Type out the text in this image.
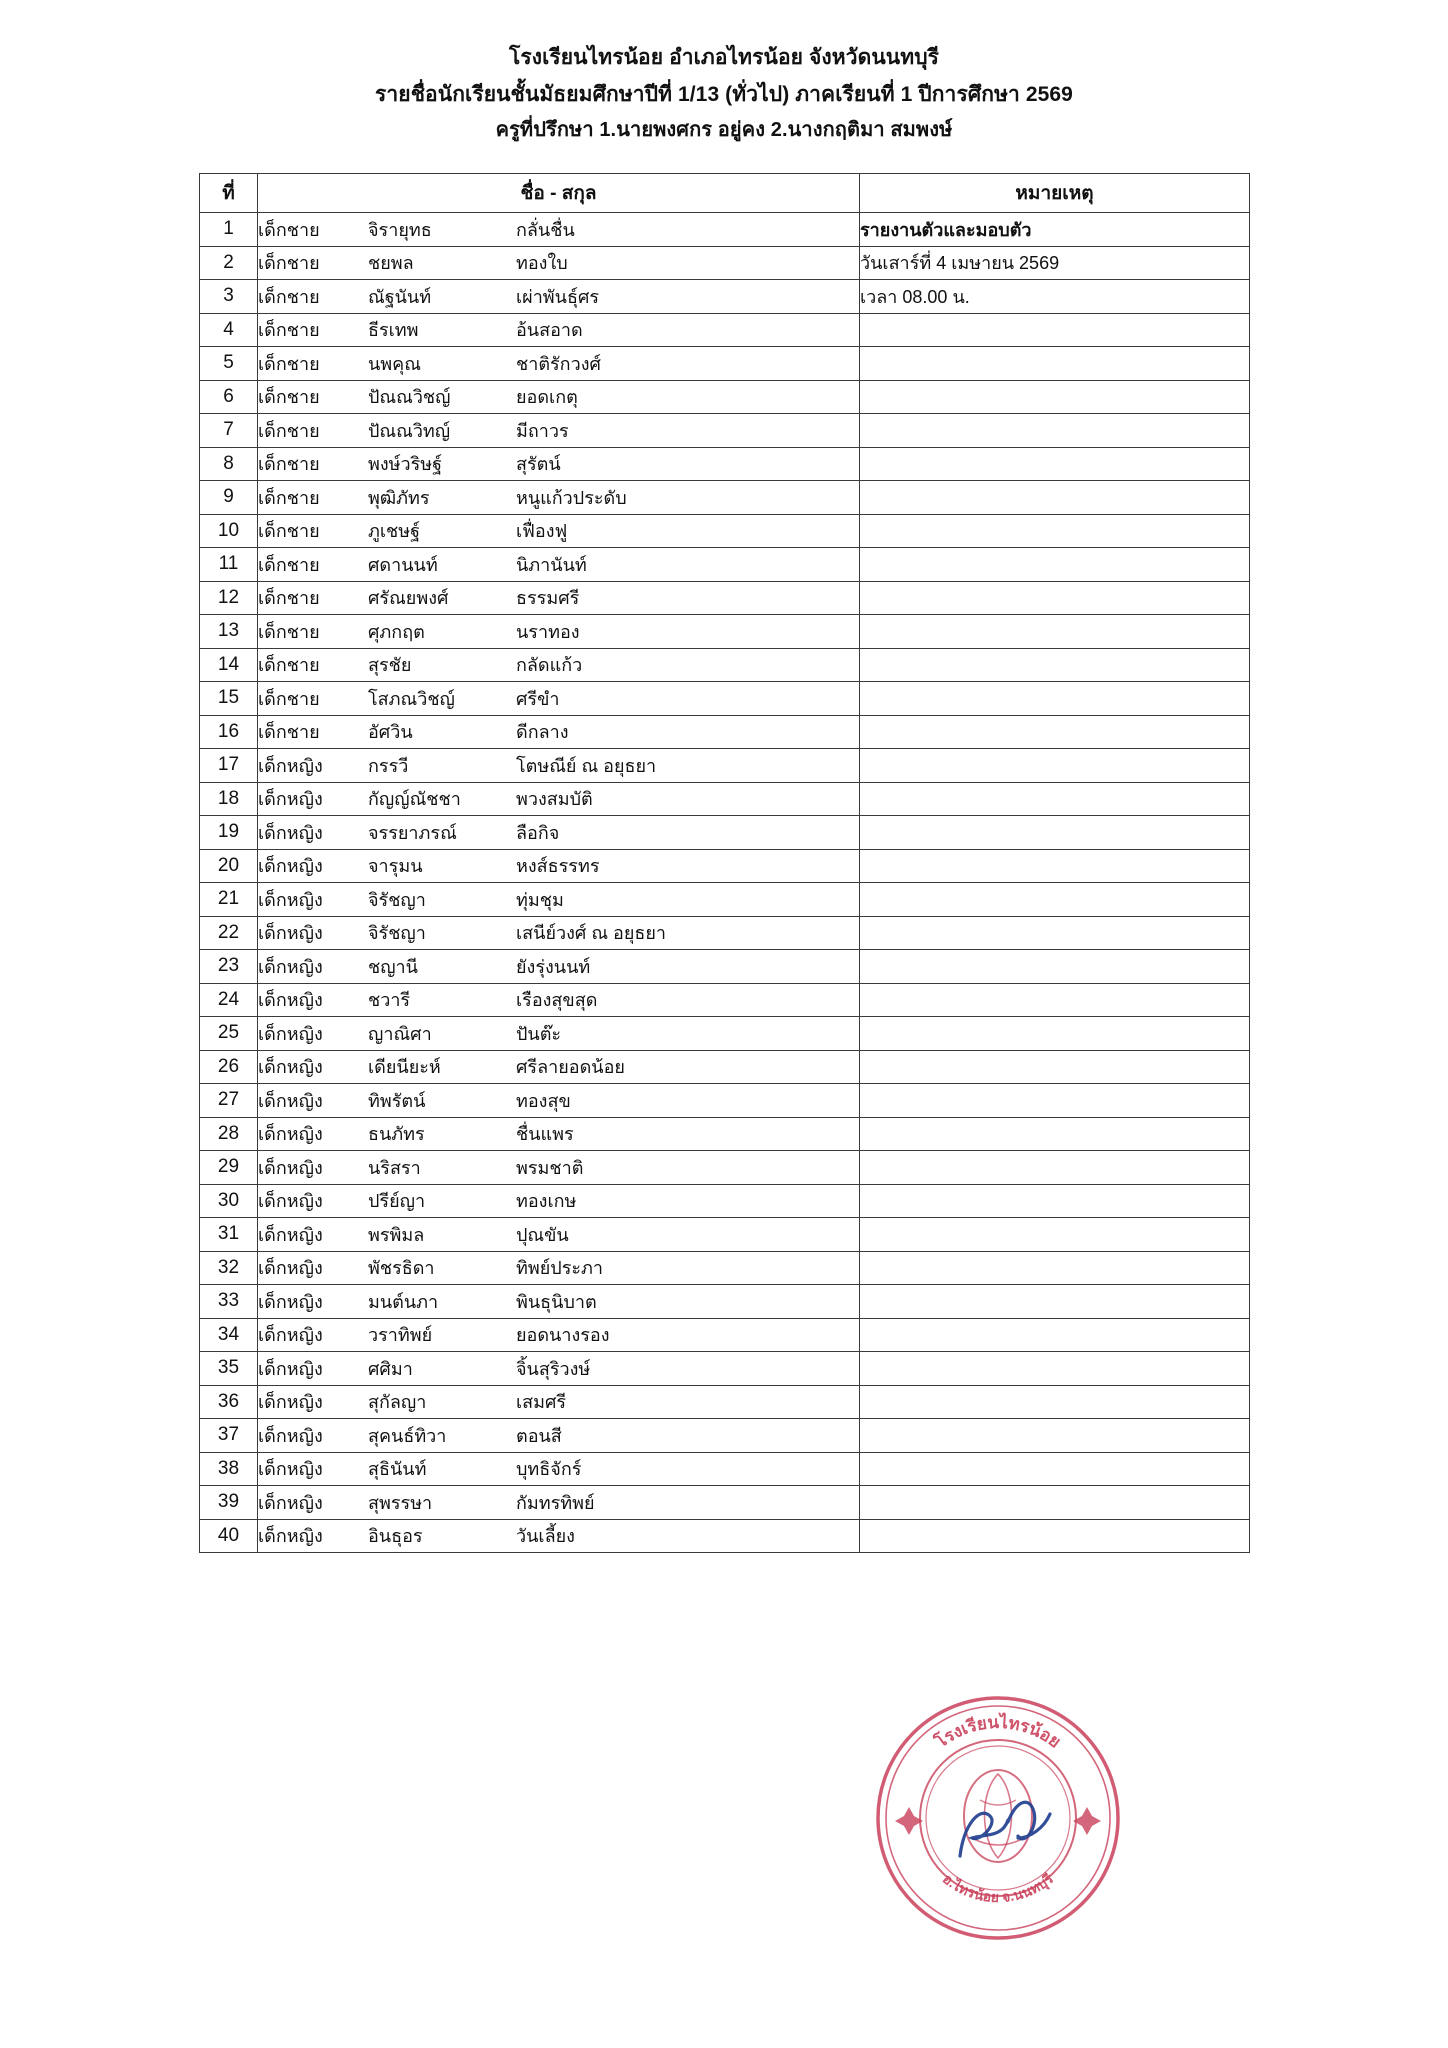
โรงเรียนไทรน้อย อำเภอไทรน้อย จังหวัดนนทบุรี
รายชื่อนักเรียนชั้นมัธยมศึกษาปีที่ 1/13 (ทั่วไป) ภาคเรียนที่ 1 ปีการศึกษา 2569
ครูที่ปรึกษา 1.นายพงศกร อยู่คง 2.นางกฤติมา สมพงษ์
ที่	ชื่อ - สกุล	หมายเหตุ
1	เด็กชาย จิรายุทธ กลั่นชื่น	รายงานตัวและมอบตัว
2	เด็กชาย ชยพล ทองใบ	วันเสาร์ที่ 4 เมษายน 2569
3	เด็กชาย ณัฐนันท์ เผ่าพันธุ์ศร	เวลา 08.00 น.
4	เด็กชาย ธีรเทพ อ้นสอาด	

5	เด็กชาย นพคุณ ชาติรักวงศ์	

6	เด็กชาย ปัณณวิชญ์ ยอดเกตุ	

7	เด็กชาย ปัณณวิทญ์ มีถาวร	

8	เด็กชาย พงษ์วริษฐ์ สุรัตน์	

9	เด็กชาย พุฒิภัทร หนูแก้วประดับ	

10	เด็กชาย ภูเชษฐ์ เฟื่องฟู	

11	เด็กชาย ศดานนท์ นิภานันท์	

12	เด็กชาย ศรัณยพงศ์ ธรรมศรี	

13	เด็กชาย ศุภกฤต นราทอง	

14	เด็กชาย สุรชัย กลัดแก้ว	

15	เด็กชาย โสภณวิชญ์ ศรีขำ	

16	เด็กชาย อัศวิน ดีกลาง	

17	เด็กหญิง กรรวี โตษณีย์ ณ อยุธยา	

18	เด็กหญิง กัญญ์ณัชชา พวงสมบัติ	

19	เด็กหญิง จรรยาภรณ์ ลือกิจ	

20	เด็กหญิง จารุมน หงส์ธรรทร	

21	เด็กหญิง จิรัชญา ทุ่มชุม	

22	เด็กหญิง จิรัชญา เสนีย์วงศ์ ณ อยุธยา	

23	เด็กหญิง ชญานี ยังรุ่งนนท์	

24	เด็กหญิง ชวารี เรืองสุขสุด	

25	เด็กหญิง ญาณิศา ปันต๊ะ	

26	เด็กหญิง เดียนียะห์ ศรีลายอดน้อย	

27	เด็กหญิง ทิพรัตน์ ทองสุข	

28	เด็กหญิง ธนภัทร ชื่นแพร	

29	เด็กหญิง นริสรา พรมชาติ	

30	เด็กหญิง ปรีย์ญา ทองเกษ	

31	เด็กหญิง พรพิมล ปุณขัน	

32	เด็กหญิง พัชรธิดา ทิพย์ประภา	

33	เด็กหญิง มนต์นภา พินธุนิบาต	

34	เด็กหญิง วราทิพย์ ยอดนางรอง	

35	เด็กหญิง ศศิมา จิ้นสุริวงษ์	

36	เด็กหญิง สุกัลญา เสมศรี	

37	เด็กหญิง สุคนธ์ทิวา ตอนสี	

38	เด็กหญิง สุธินันท์ บุทธิจักร์	

39	เด็กหญิง สุพรรษา กัมทรทิพย์	

40	เด็กหญิง อินธุอร วันเลี้ยง	

โรงเรียนไทรน้อย
อ.ไทรน้อย จ.นนทบุรี
